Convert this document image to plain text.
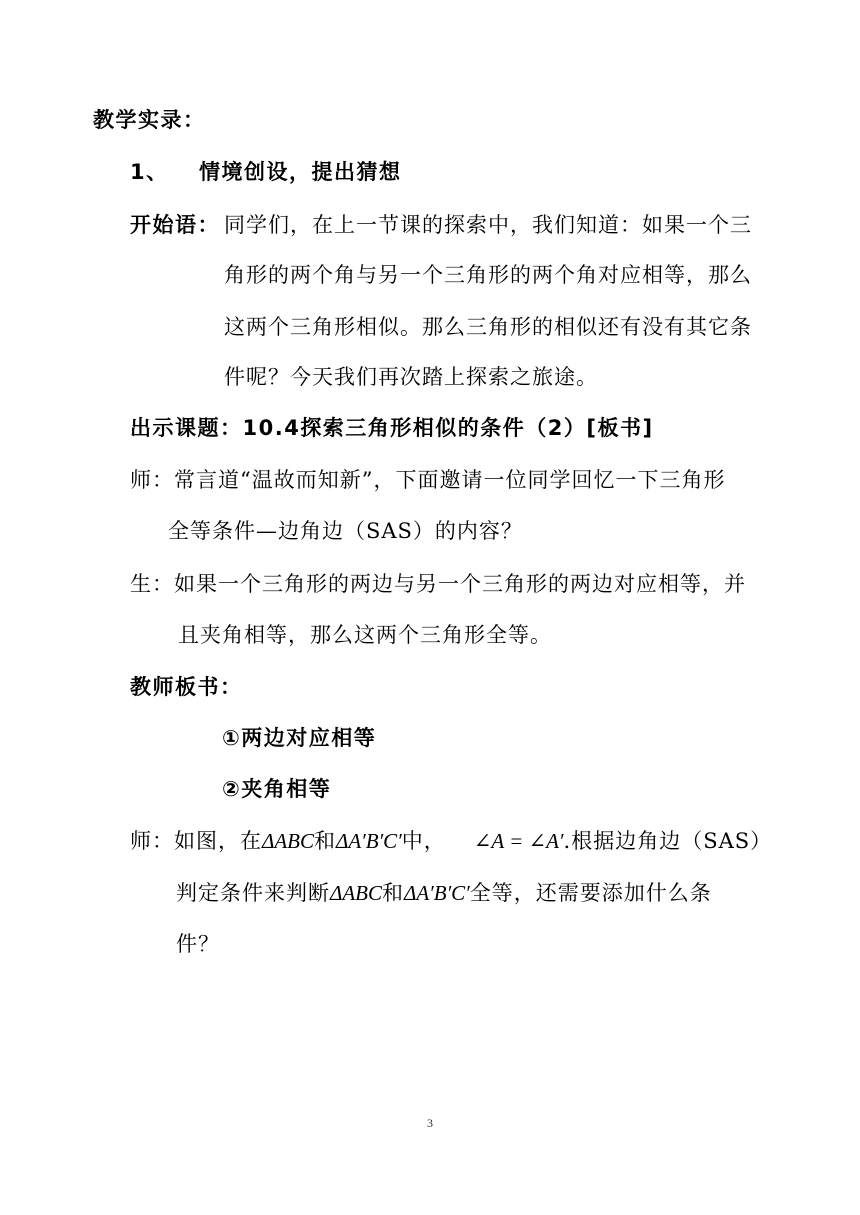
教学实录：
1、 情境创设，提出猜想
开始语： 同学们，在上一节课的探索中，我们知道：如果一个三
角形的两个角与另一个三角形的两个角对应相等，那么
这两个三角形相似。那么三角形的相似还有没有其它条
件呢？今天我们再次踏上探索之旅途。
出示课题：10.4探索三角形相似的条件（2）[板书]
师：常言道“温故而知新”，下面邀请一位同学回忆一下三角形
全等条件—边角边（SAS）的内容？
生：如果一个三角形的两边与另一个三角形的两边对应相等，并
且夹角相等，那么这两个三角形全等。
教师板书：
①两边对应相等
②夹角相等
师：如图，在ΔABC和ΔA′B′C′中， ∠A = ∠A′.根据边角边（SAS）
判定条件来判断ΔABC和ΔA′B′C′全等，还需要添加什么条
件？
3
